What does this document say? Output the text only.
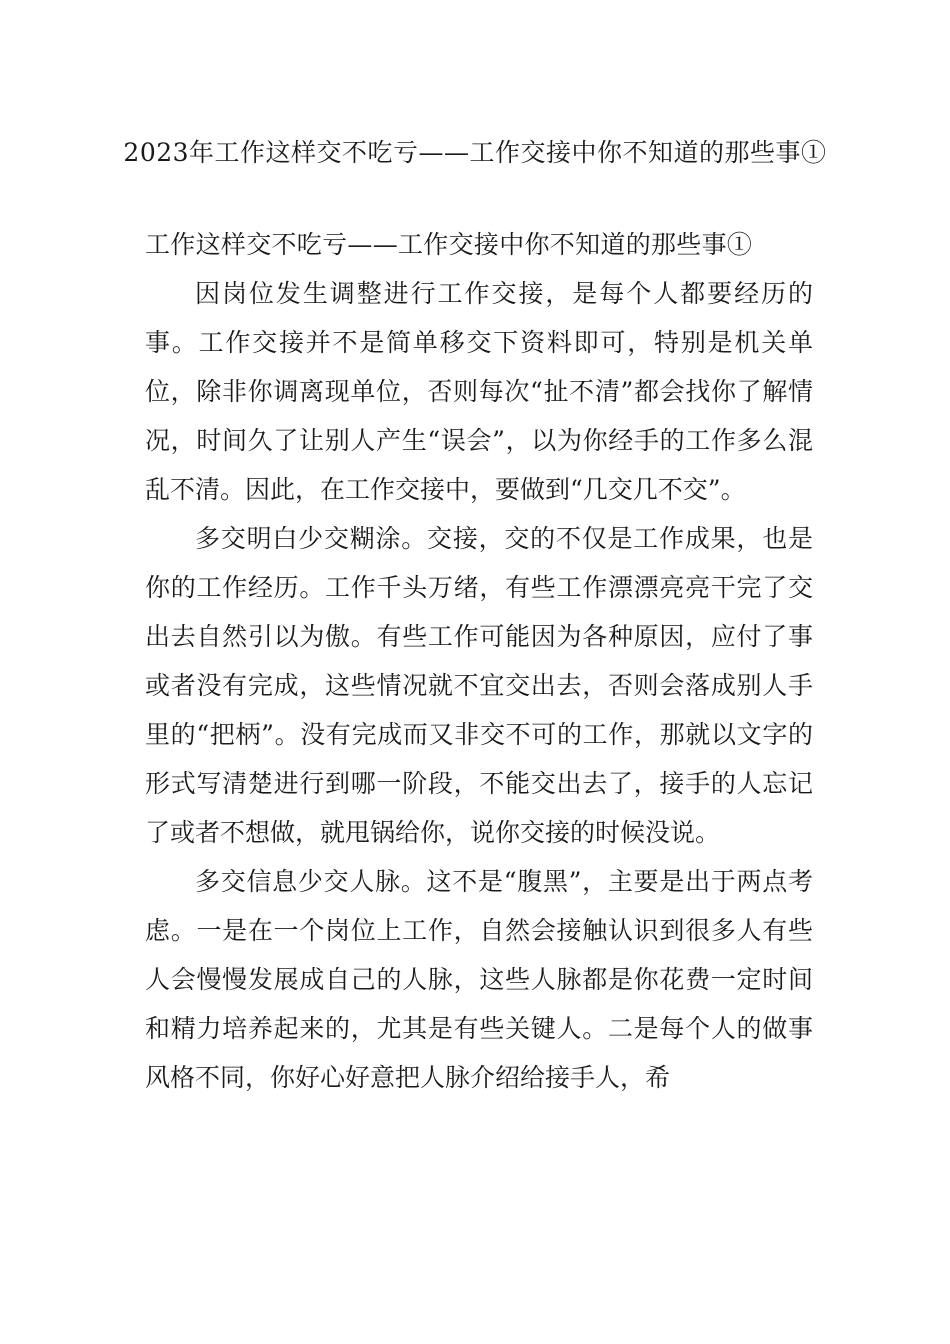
2023年工作这样交不吃亏——工作交接中你不知道的那些事①

工作这样交不吃亏——工作交接中你不知道的那些事①

因岗位发生调整进行工作交接，是每个人都要经历的事。工作交接并不是简单移交下资料即可，特别是机关单位，除非你调离现单位，否则每次“扯不清”都会找你了解情况，时间久了让别人产生“误会”，以为你经手的工作多么混乱不清。因此，在工作交接中，要做到“几交几不交”。

多交明白少交糊涂。交接，交的不仅是工作成果，也是你的工作经历。工作千头万绪，有些工作漂漂亮亮干完了交出去自然引以为傲。有些工作可能因为各种原因，应付了事或者没有完成，这些情况就不宜交出去，否则会落成别人手里的“把柄”。没有完成而又非交不可的工作，那就以文字的形式写清楚进行到哪一阶段，不能交出去了，接手的人忘记了或者不想做，就甩锅给你，说你交接的时候没说。

多交信息少交人脉。这不是“腹黑”，主要是出于两点考虑。一是在一个岗位上工作，自然会接触认识到很多人有些人会慢慢发展成自己的人脉，这些人脉都是你花费一定时间和精力培养起来的，尤其是有些关键人。二是每个人的做事风格不同，你好心好意把人脉介绍给接手人，希
